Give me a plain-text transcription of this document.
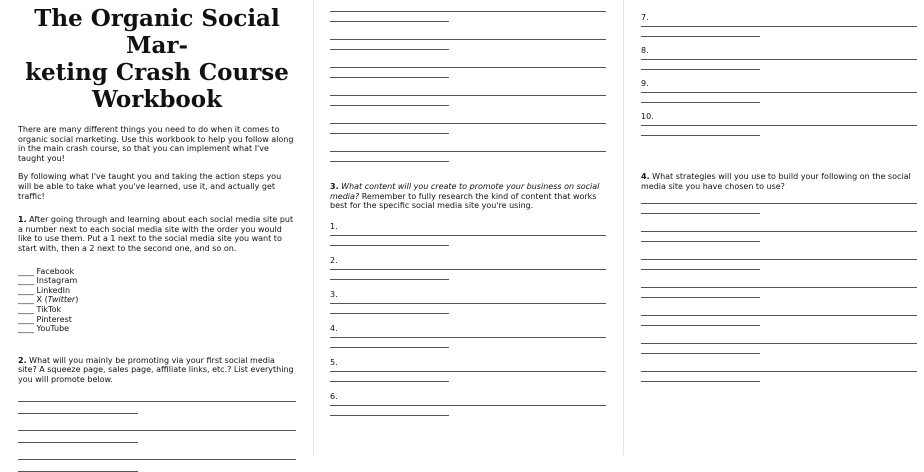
The Organic Social Mar-
keting Crash Course
Workbook

There are many different things you need to do when it comes to organic social marketing. Use this workbook to help you follow along in the main crash course, so that you can implement what I've taught you!

By following what I've taught you and taking the action steps you will be able to take what you've learned, use it, and actually get traffic!

1. After going through and learning about each social media site put a number next to each social media site with the order you would like to use them. Put a 1 next to the social media site you want to start with, then a 2 next to the second one, and so on.

____ Facebook
____ Instagram
____ LinkedIn
____ X (Twitter)
____ TikTok
____ Pinterest
____ YouTube

2. What will you mainly be promoting via your first social media site? A squeeze page, sales page, affiliate links, etc.? List everything you will promote below.

3. What content will you create to promote your business on social media? Remember to fully research the kind of content that works best for the specific social media site you're using.

1.
2.
3.
4.
5.
6.
7.
8.
9.
10.

4. What strategies will you use to build your following on the social media site you have chosen to use?
